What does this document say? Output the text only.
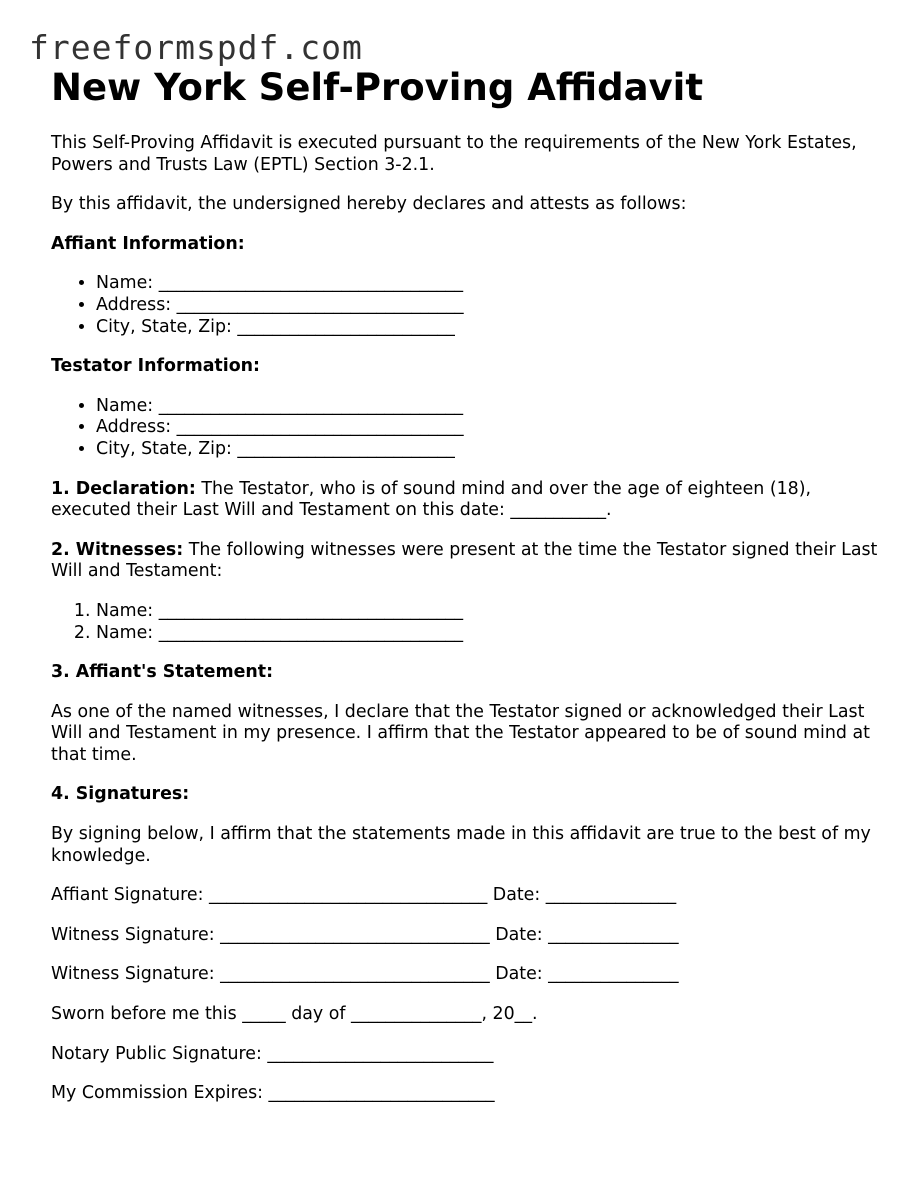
freeformspdf.com
New York Self-Proving Affidavit

This Self-Proving Affidavit is executed pursuant to the requirements of the New York Estates, Powers and Trusts Law (EPTL) Section 3-2.1.

By this affidavit, the undersigned hereby declares and attests as follows:

Affiant Information:

• Name: ___________________________________
• Address: _________________________________
• City, State, Zip: _________________________

Testator Information:

• Name: ___________________________________
• Address: _________________________________
• City, State, Zip: _________________________

1. Declaration: The Testator, who is of sound mind and over the age of eighteen (18), executed their Last Will and Testament on this date: ___________.

2. Witnesses: The following witnesses were present at the time the Testator signed their Last Will and Testament:

1. Name: ___________________________________
2. Name: ___________________________________

3. Affiant's Statement:

As one of the named witnesses, I declare that the Testator signed or acknowledged their Last Will and Testament in my presence. I affirm that the Testator appeared to be of sound mind at that time.

4. Signatures:

By signing below, I affirm that the statements made in this affidavit are true to the best of my knowledge.

Affiant Signature: ________________________________ Date: _______________

Witness Signature: _______________________________ Date: _______________

Witness Signature: _______________________________ Date: _______________

Sworn before me this _____ day of _______________, 20__.

Notary Public Signature: __________________________

My Commission Expires: __________________________
